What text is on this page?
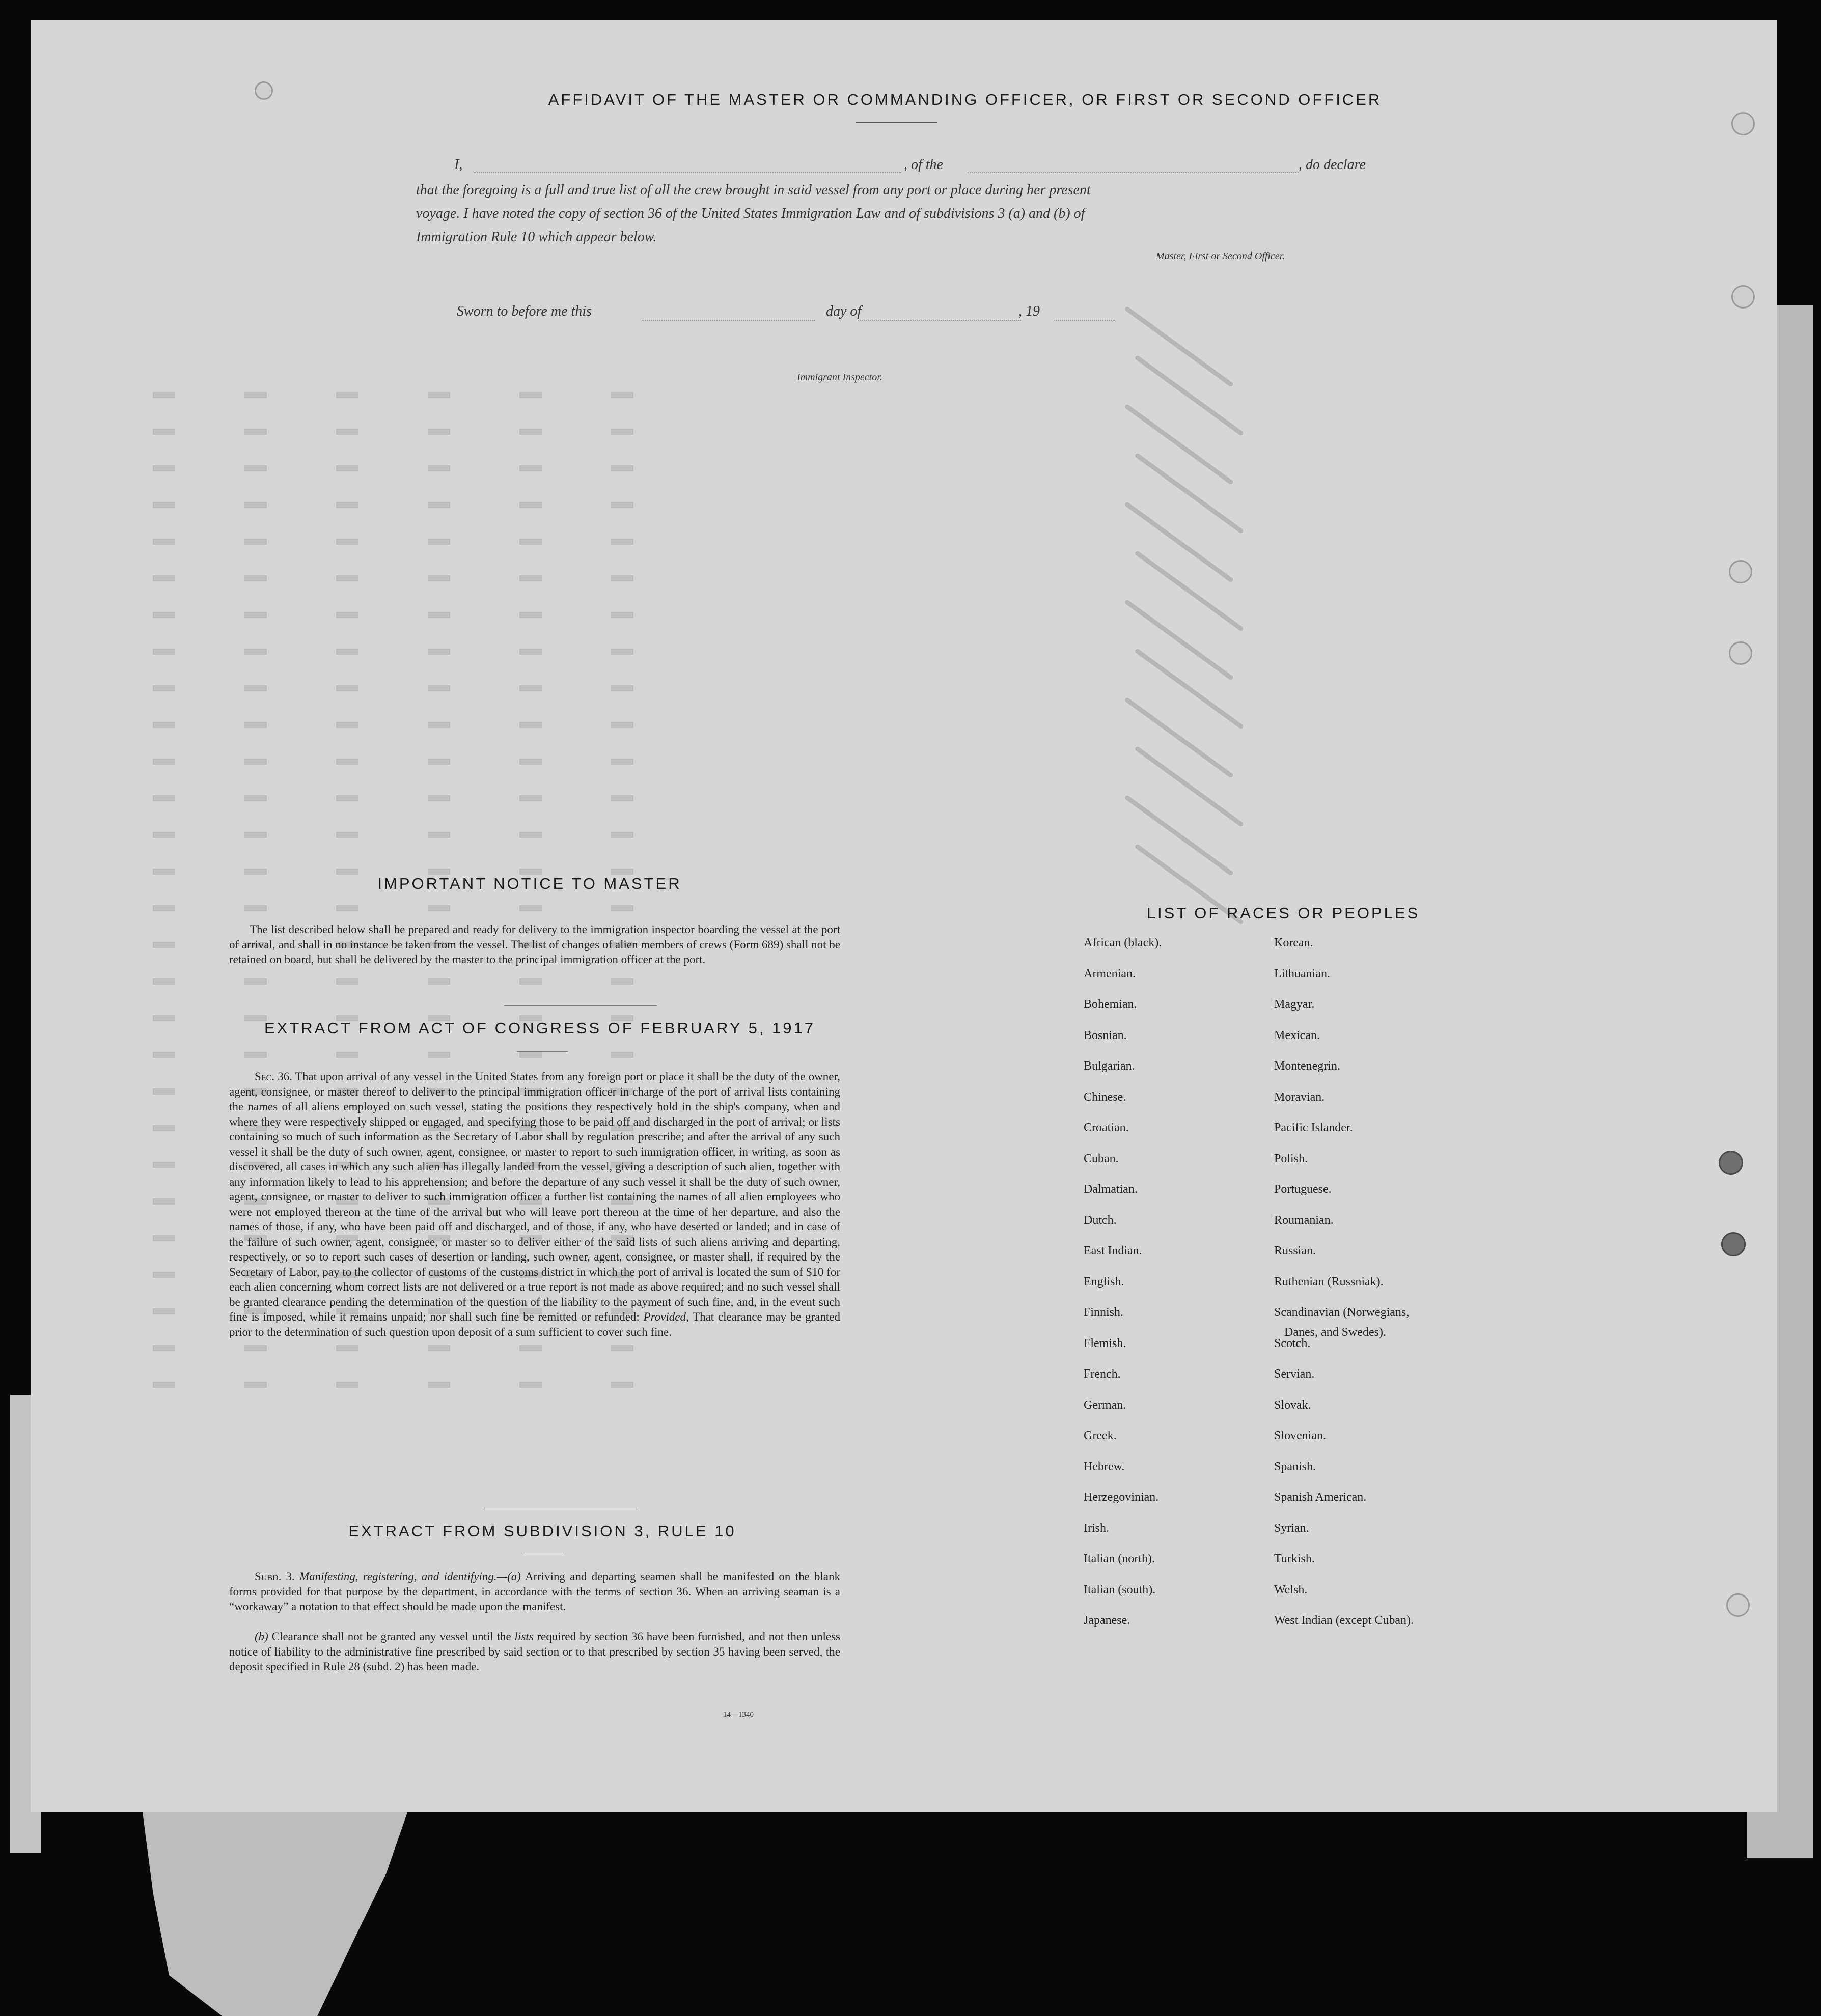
AFFIDAVIT OF THE MASTER OR COMMANDING OFFICER, OR FIRST OR SECOND OFFICER
I,	, of the	, do declare
that the foregoing is a full and true list of all the crew brought in said vessel from any port or place during her present
voyage. I have noted the copy of section 36 of the United States Immigration Law and of subdivisions 3 (a) and (b) of
Immigration Rule 10 which appear below.
Master, First or Second Officer.
Sworn to before me this	day of	, 19
Immigrant Inspector.
IMPORTANT NOTICE TO MASTER
The list described below shall be prepared and ready for delivery to the immigration inspector boarding the vessel at the port of arrival, and shall in no instance be taken from the vessel. The list of changes of alien members of crews (Form 689) shall not be retained on board, but shall be delivered by the master to the principal immigration officer at the port.
EXTRACT FROM ACT OF CONGRESS OF FEBRUARY 5, 1917
Sec. 36. That upon arrival of any vessel in the United States from any foreign port or place it shall be the duty of the owner, agent, consignee, or master thereof to deliver to the principal immigration officer in charge of the port of arrival lists containing the names of all aliens employed on such vessel, stating the positions they respectively hold in the ship's company, when and where they were respectively shipped or engaged, and specifying those to be paid off and discharged in the port of arrival; or lists containing so much of such information as the Secretary of Labor shall by regulation prescribe; and after the arrival of any such vessel it shall be the duty of such owner, agent, consignee, or master to report to such immigration officer, in writing, as soon as discovered, all cases in which any such alien has illegally landed from the vessel, giving a description of such alien, together with any information likely to lead to his apprehension; and before the departure of any such vessel it shall be the duty of such owner, agent, consignee, or master to deliver to such immigration officer a further list containing the names of all alien employees who were not employed thereon at the time of the arrival but who will leave port thereon at the time of her departure, and also the names of those, if any, who have been paid off and discharged, and of those, if any, who have deserted or landed; and in case of the failure of such owner, agent, consignee, or master so to deliver either of the said lists of such aliens arriving and departing, respectively, or so to report such cases of desertion or landing, such owner, agent, consignee, or master shall, if required by the Secretary of Labor, pay to the collector of customs of the customs district in which the port of arrival is located the sum of $10 for each alien concerning whom correct lists are not delivered or a true report is not made as above required; and no such vessel shall be granted clearance pending the determination of the question of the liability to the payment of such fine, and, in the event such fine is imposed, while it remains unpaid; nor shall such fine be remitted or refunded: Provided, That clearance may be granted prior to the determination of such question upon deposit of a sum sufficient to cover such fine.
EXTRACT FROM SUBDIVISION 3, RULE 10
Subd. 3. Manifesting, registering, and identifying.—(a) Arriving and departing seamen shall be manifested on the blank forms provided for that purpose by the department, in accordance with the terms of section 36. When an arriving seaman is a “workaway” a notation to that effect should be made upon the manifest.
(b) Clearance shall not be granted any vessel until the lists required by section 36 have been furnished, and not then unless notice of liability to the administrative fine prescribed by said section or to that prescribed by section 35 having been served, the deposit specified in Rule 28 (subd. 2) has been made.
14—1340
LIST OF RACES OR PEOPLES
African (black).
Armenian.
Bohemian.
Bosnian.
Bulgarian.
Chinese.
Croatian.
Cuban.
Dalmatian.
Dutch.
East Indian.
English.
Finnish.
Flemish.
French.
German.
Greek.
Hebrew.
Herzegovinian.
Irish.
Italian (north).
Italian (south).
Japanese.
Korean.
Lithuanian.
Magyar.
Mexican.
Montenegrin.
Moravian.
Pacific Islander.
Polish.
Portuguese.
Roumanian.
Russian.
Ruthenian (Russniak).
Scandinavian (Norwegians,
Scotch.
Servian.
Slovak.
Slovenian.
Spanish.
Spanish American.
Syrian.
Turkish.
Welsh.
West Indian (except Cuban).
Danes, and Swedes).
